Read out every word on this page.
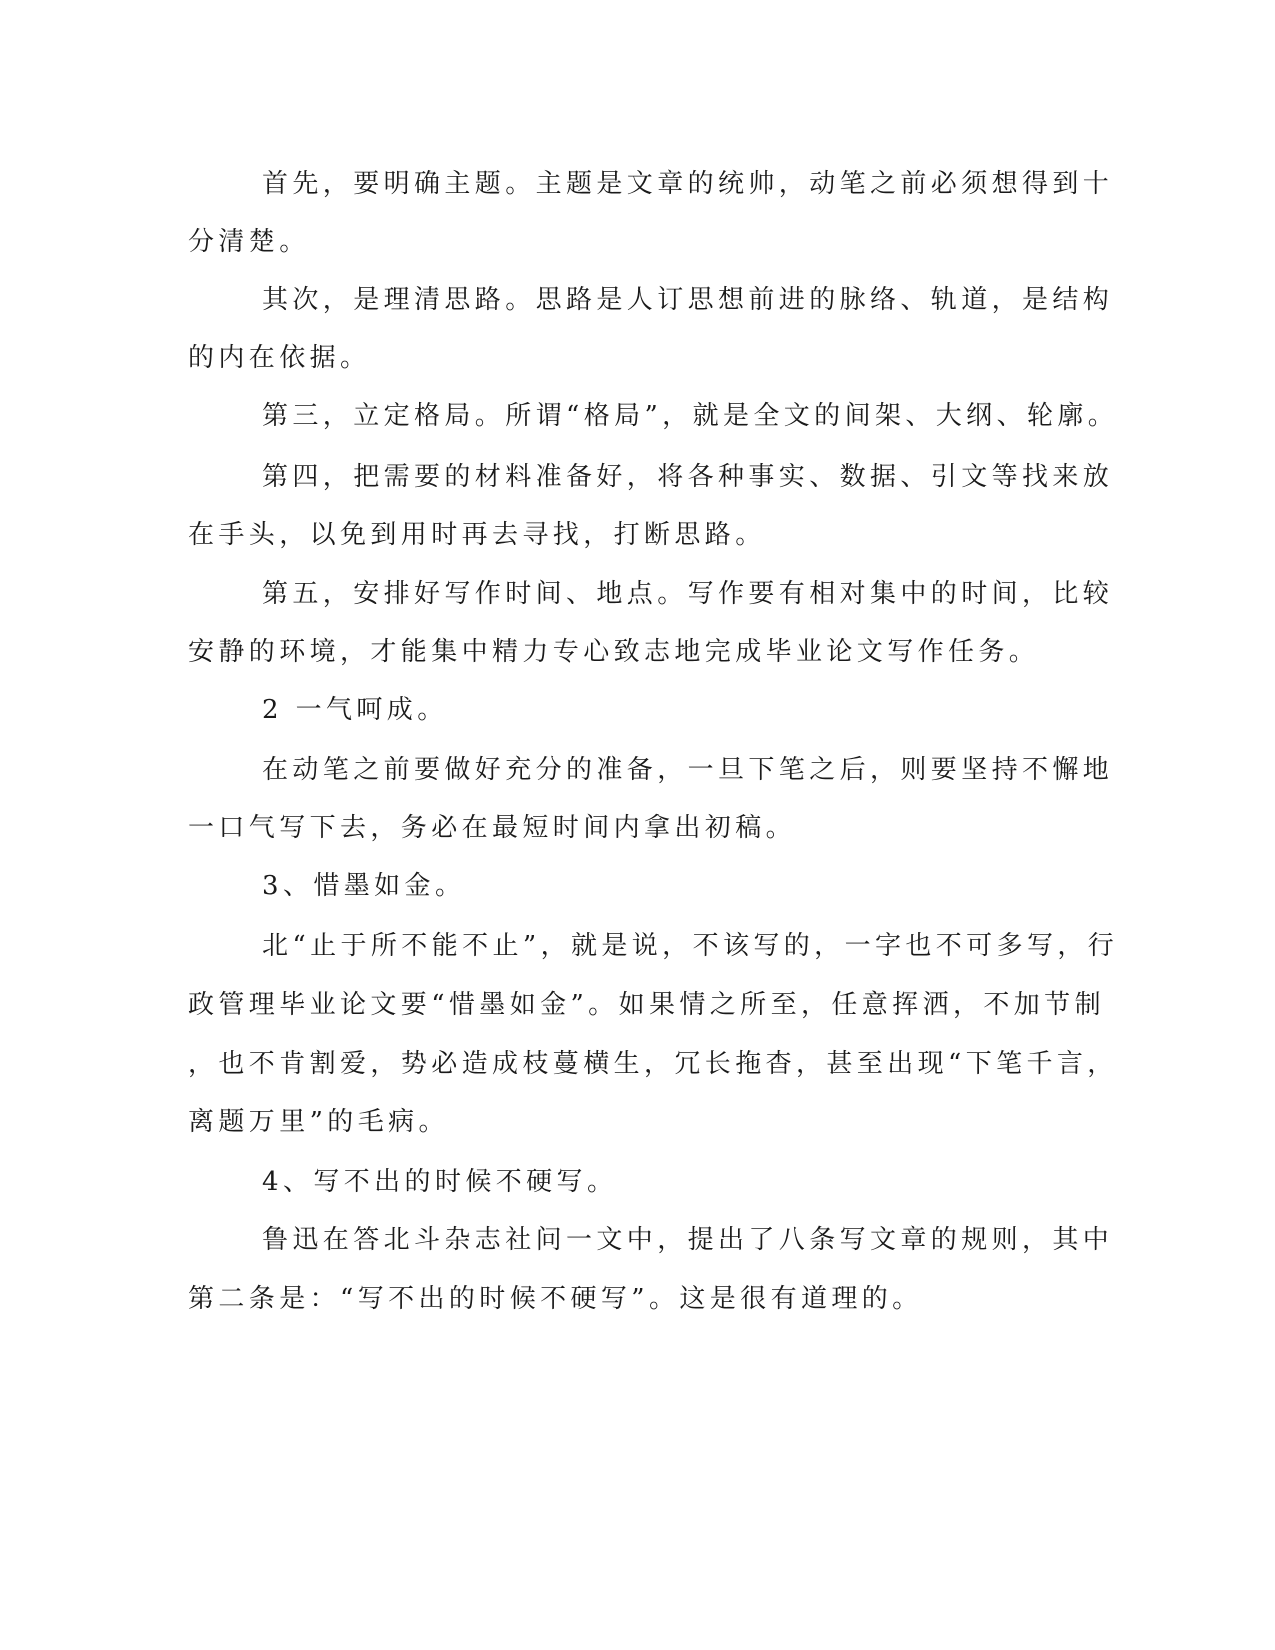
首先，要明确主题。主题是文章的统帅，动笔之前必须想得到十
分清楚。
其次，是理清思路。思路是人订思想前进的脉络、轨道，是结构
的内在依据。
第三，立定格局。所谓“格局”，就是全文的间架、大纲、轮廓。
第四，把需要的材料准备好，将各种事实、数据、引文等找来放
在手头，以免到用时再去寻找，打断思路。
第五，安排好写作时间、地点。写作要有相对集中的时间，比较
安静的环境，才能集中精力专心致志地完成毕业论文写作任务。
2 一气呵成。
在动笔之前要做好充分的准备，一旦下笔之后，则要坚持不懈地
一口气写下去，务必在最短时间内拿出初稿。
3、惜墨如金。
北“止于所不能不止”，就是说，不该写的，一字也不可多写，行
政管理毕业论文要“惜墨如金”。如果情之所至，任意挥洒，不加节制
，也不肯割爱，势必造成枝蔓横生，冗长拖杳，甚至出现“下笔千言，
离题万里”的毛病。
4、写不出的时候不硬写。
鲁迅在答北斗杂志社问一文中，提出了八条写文章的规则，其中
第二条是：“写不出的时候不硬写”。这是很有道理的。
